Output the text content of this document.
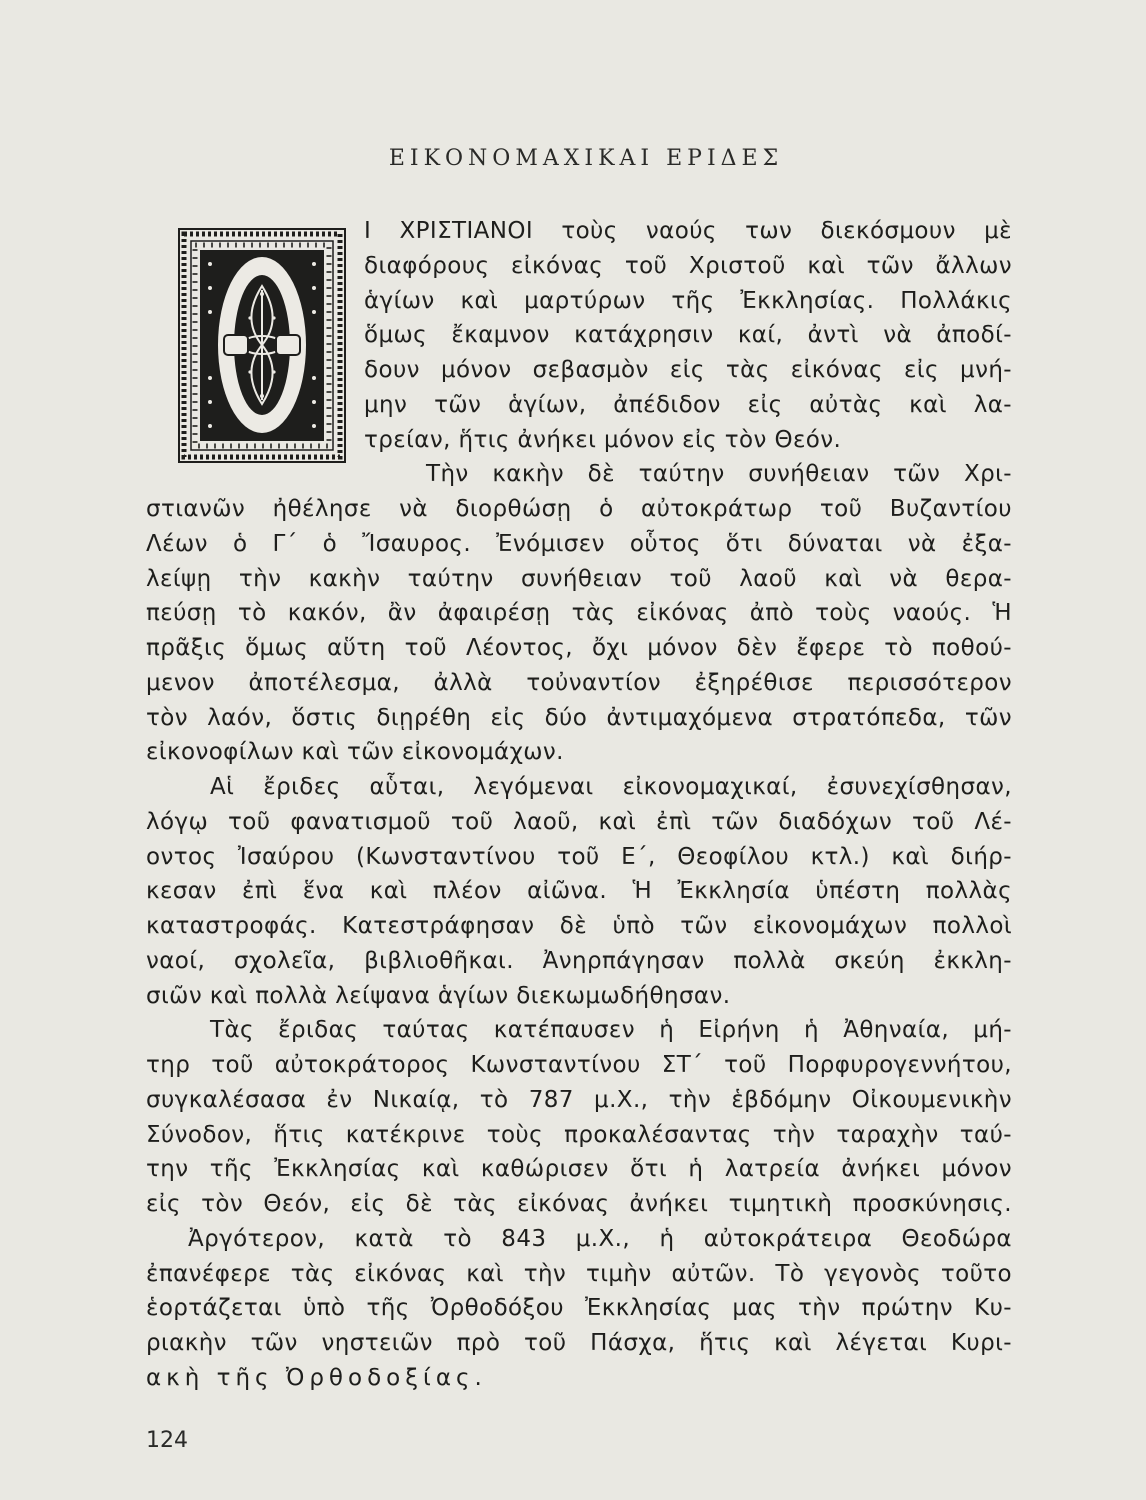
ΕΙΚΟΝΟΜΑΧΙΚΑΙ ΕΡΙΔΕΣ
Ι ΧΡΙΣΤΙΑΝΟΙ τοὺς ναούς των διεκόσμουν μὲ
διαφόρους εἰκόνας τοῦ Χριστοῦ καὶ τῶν ἄλλων
ἁγίων καὶ μαρτύρων τῆς Ἐκκλησίας. Πολλάκις
ὅμως ἔκαμνον κατάχρησιν καί, ἀντὶ νὰ ἀποδί-
δουν μόνον σεβασμὸν εἰς τὰς εἰκόνας εἰς μνή-
μην τῶν ἁγίων, ἀπέδιδον εἰς αὐτὰς καὶ λα-
τρείαν, ἥτις ἀνήκει μόνον εἰς τὸν Θεόν.
Τὴν κακὴν δὲ ταύτην συνήθειαν τῶν Χρι-
στιανῶν ἠθέλησε νὰ διορθώσῃ ὁ αὐτοκράτωρ τοῦ Βυζαντίου
Λέων ὁ Γ΄ ὁ Ἴσαυρος. Ἐνόμισεν οὗτος ὅτι δύναται νὰ ἐξα-
λείψῃ τὴν κακὴν ταύτην συνήθειαν τοῦ λαοῦ καὶ νὰ θερα-
πεύσῃ τὸ κακόν, ἂν ἀφαιρέσῃ τὰς εἰκόνας ἀπὸ τοὺς ναούς. Ἡ
πρᾶξις ὅμως αὕτη τοῦ Λέοντος, ὄχι μόνον δὲν ἔφερε τὸ ποθού-
μενον ἀποτέλεσμα, ἀλλὰ τοὐναντίον ἐξηρέθισε περισσότερον
τὸν λαόν, ὅστις διῃρέθη εἰς δύο ἀντιμαχόμενα στρατόπεδα, τῶν
εἰκονοφίλων καὶ τῶν εἰκονομάχων.
Αἱ ἔριδες αὗται, λεγόμεναι εἰκονομαχικαί, ἐσυνεχίσθησαν,
λόγῳ τοῦ φανατισμοῦ τοῦ λαοῦ, καὶ ἐπὶ τῶν διαδόχων τοῦ Λέ-
οντος Ἰσαύρου (Κωνσταντίνου τοῦ Ε΄, Θεοφίλου κτλ.) καὶ διήρ-
κεσαν ἐπὶ ἕνα καὶ πλέον αἰῶνα. Ἡ Ἐκκλησία ὑπέστη πολλὰς
καταστροφάς. Κατεστράφησαν δὲ ὑπὸ τῶν εἰκονομάχων πολλοὶ
ναοί, σχολεῖα, βιβλιοθῆκαι. Ἀνηρπάγησαν πολλὰ σκεύη ἐκκλη-
σιῶν καὶ πολλὰ λείψανα ἁγίων διεκωμωδήθησαν.
Τὰς ἔριδας ταύτας κατέπαυσεν ἡ Εἰρήνη ἡ Ἀθηναία, μή-
τηρ τοῦ αὐτοκράτορος Κωνσταντίνου ΣΤ΄ τοῦ Πορφυρογεννήτου,
συγκαλέσασα ἐν Νικαίᾳ, τὸ 787 μ.Χ., τὴν ἑβδόμην Οἰκουμενικὴν
Σύνοδον, ἥτις κατέκρινε τοὺς προκαλέσαντας τὴν ταραχὴν ταύ-
την τῆς Ἐκκλησίας καὶ καθώρισεν ὅτι ἡ λατρεία ἀνήκει μόνον
εἰς τὸν Θεόν, εἰς δὲ τὰς εἰκόνας ἀνήκει τιμητικὴ προσκύνησις.
Ἀργότερον, κατὰ τὸ 843 μ.Χ., ἡ αὐτοκράτειρα Θεοδώρα
ἐπανέφερε τὰς εἰκόνας καὶ τὴν τιμὴν αὐτῶν. Τὸ γεγονὸς τοῦτο
ἑορτάζεται ὑπὸ τῆς Ὀρθοδόξου Ἐκκλησίας μας τὴν πρώτην Κυ-
ριακὴν τῶν νηστειῶν πρὸ τοῦ Πάσχα, ἥτις καὶ λέγεται Κυρι-
ακὴ τῆς Ὀρθοδοξίας.
124
